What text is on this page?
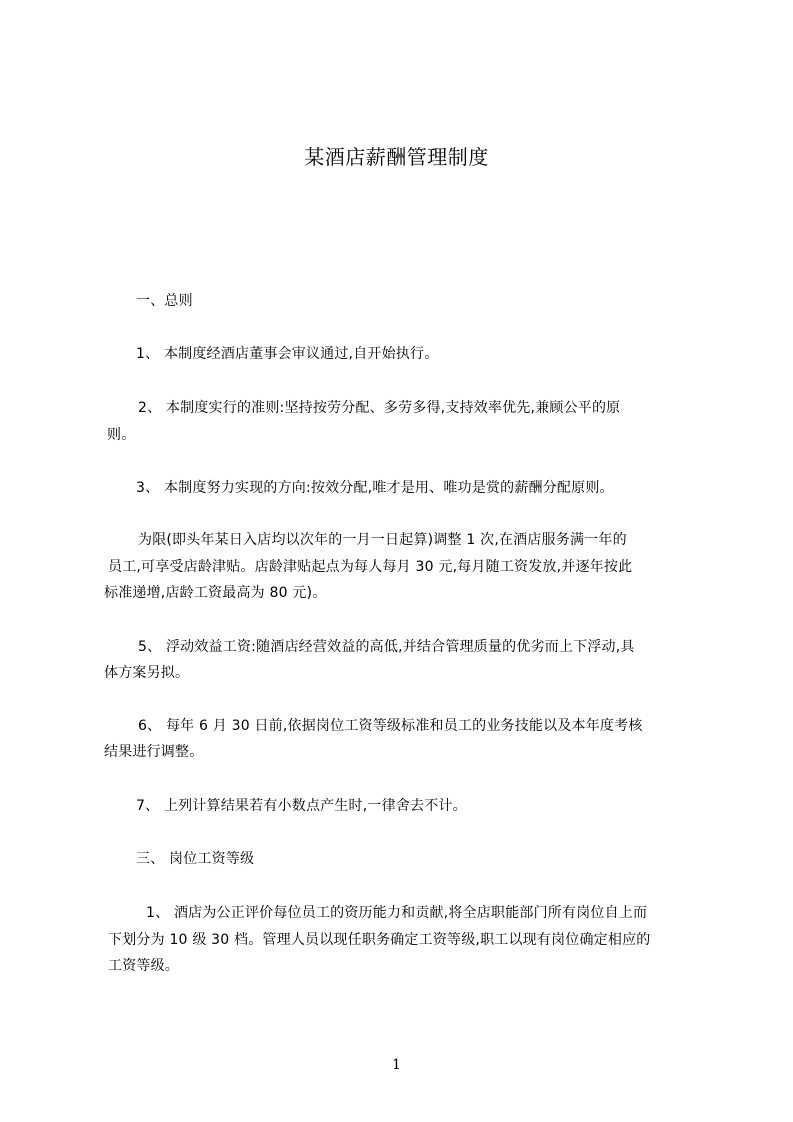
某酒店薪酬管理制度
一、总则
1、 本制度经酒店董事会审议通过,自开始执行。
2、 本制度实行的准则:坚持按劳分配、多劳多得,支持效率优先,兼顾公平的原
则。
3、 本制度努力实现的方向:按效分配,唯才是用、唯功是赏的薪酬分配原则。
为限(即头年某日入店均以次年的一月一日起算)调整 1 次,在酒店服务满一年的
员工,可享受店龄津贴。店龄津贴起点为每人每月 30 元,每月随工资发放,并逐年按此
标准递增,店龄工资最高为 80 元)。
5、 浮动效益工资:随酒店经营效益的高低,并结合管理质量的优劣而上下浮动,具
体方案另拟。
6、 每年 6 月 30 日前,依据岗位工资等级标准和员工的业务技能以及本年度考核
结果进行调整。
7、 上列计算结果若有小数点产生时,一律舍去不计。
三、 岗位工资等级
1、 酒店为公正评价每位员工的资历能力和贡献,将全店职能部门所有岗位自上而
下划分为 10 级 30 档。管理人员以现任职务确定工资等级,职工以现有岗位确定相应的
工资等级。
1
